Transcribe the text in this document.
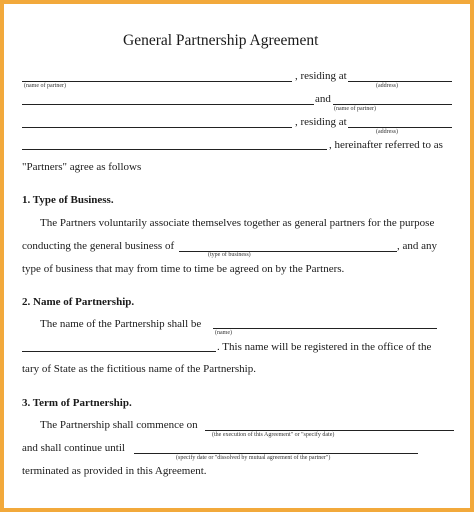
General Partnership Agreement
, residing at
(name of partner)	(address)
and
(name of partner)
, residing at
(address)
, hereinafter referred to as
"Partners" agree as follows
1. Type of Business.
The Partners voluntarily associate themselves together as general partners for the purpose
conducting the general business of	, and any
(type of business)
type of business that may from time to time be agreed on by the Partners.
2. Name of Partnership.
The name of the Partnership shall be
(name)
. This name will be registered in the office of the
tary of State as the fictitious name of the Partnership.
3. Term of Partnership.
The Partnership shall commence on
(the execution of this Agreement" or "specify date)
and shall continue until
(specify date or "dissolved by mutual agreement of the partner")
terminated as provided in this Agreement.
